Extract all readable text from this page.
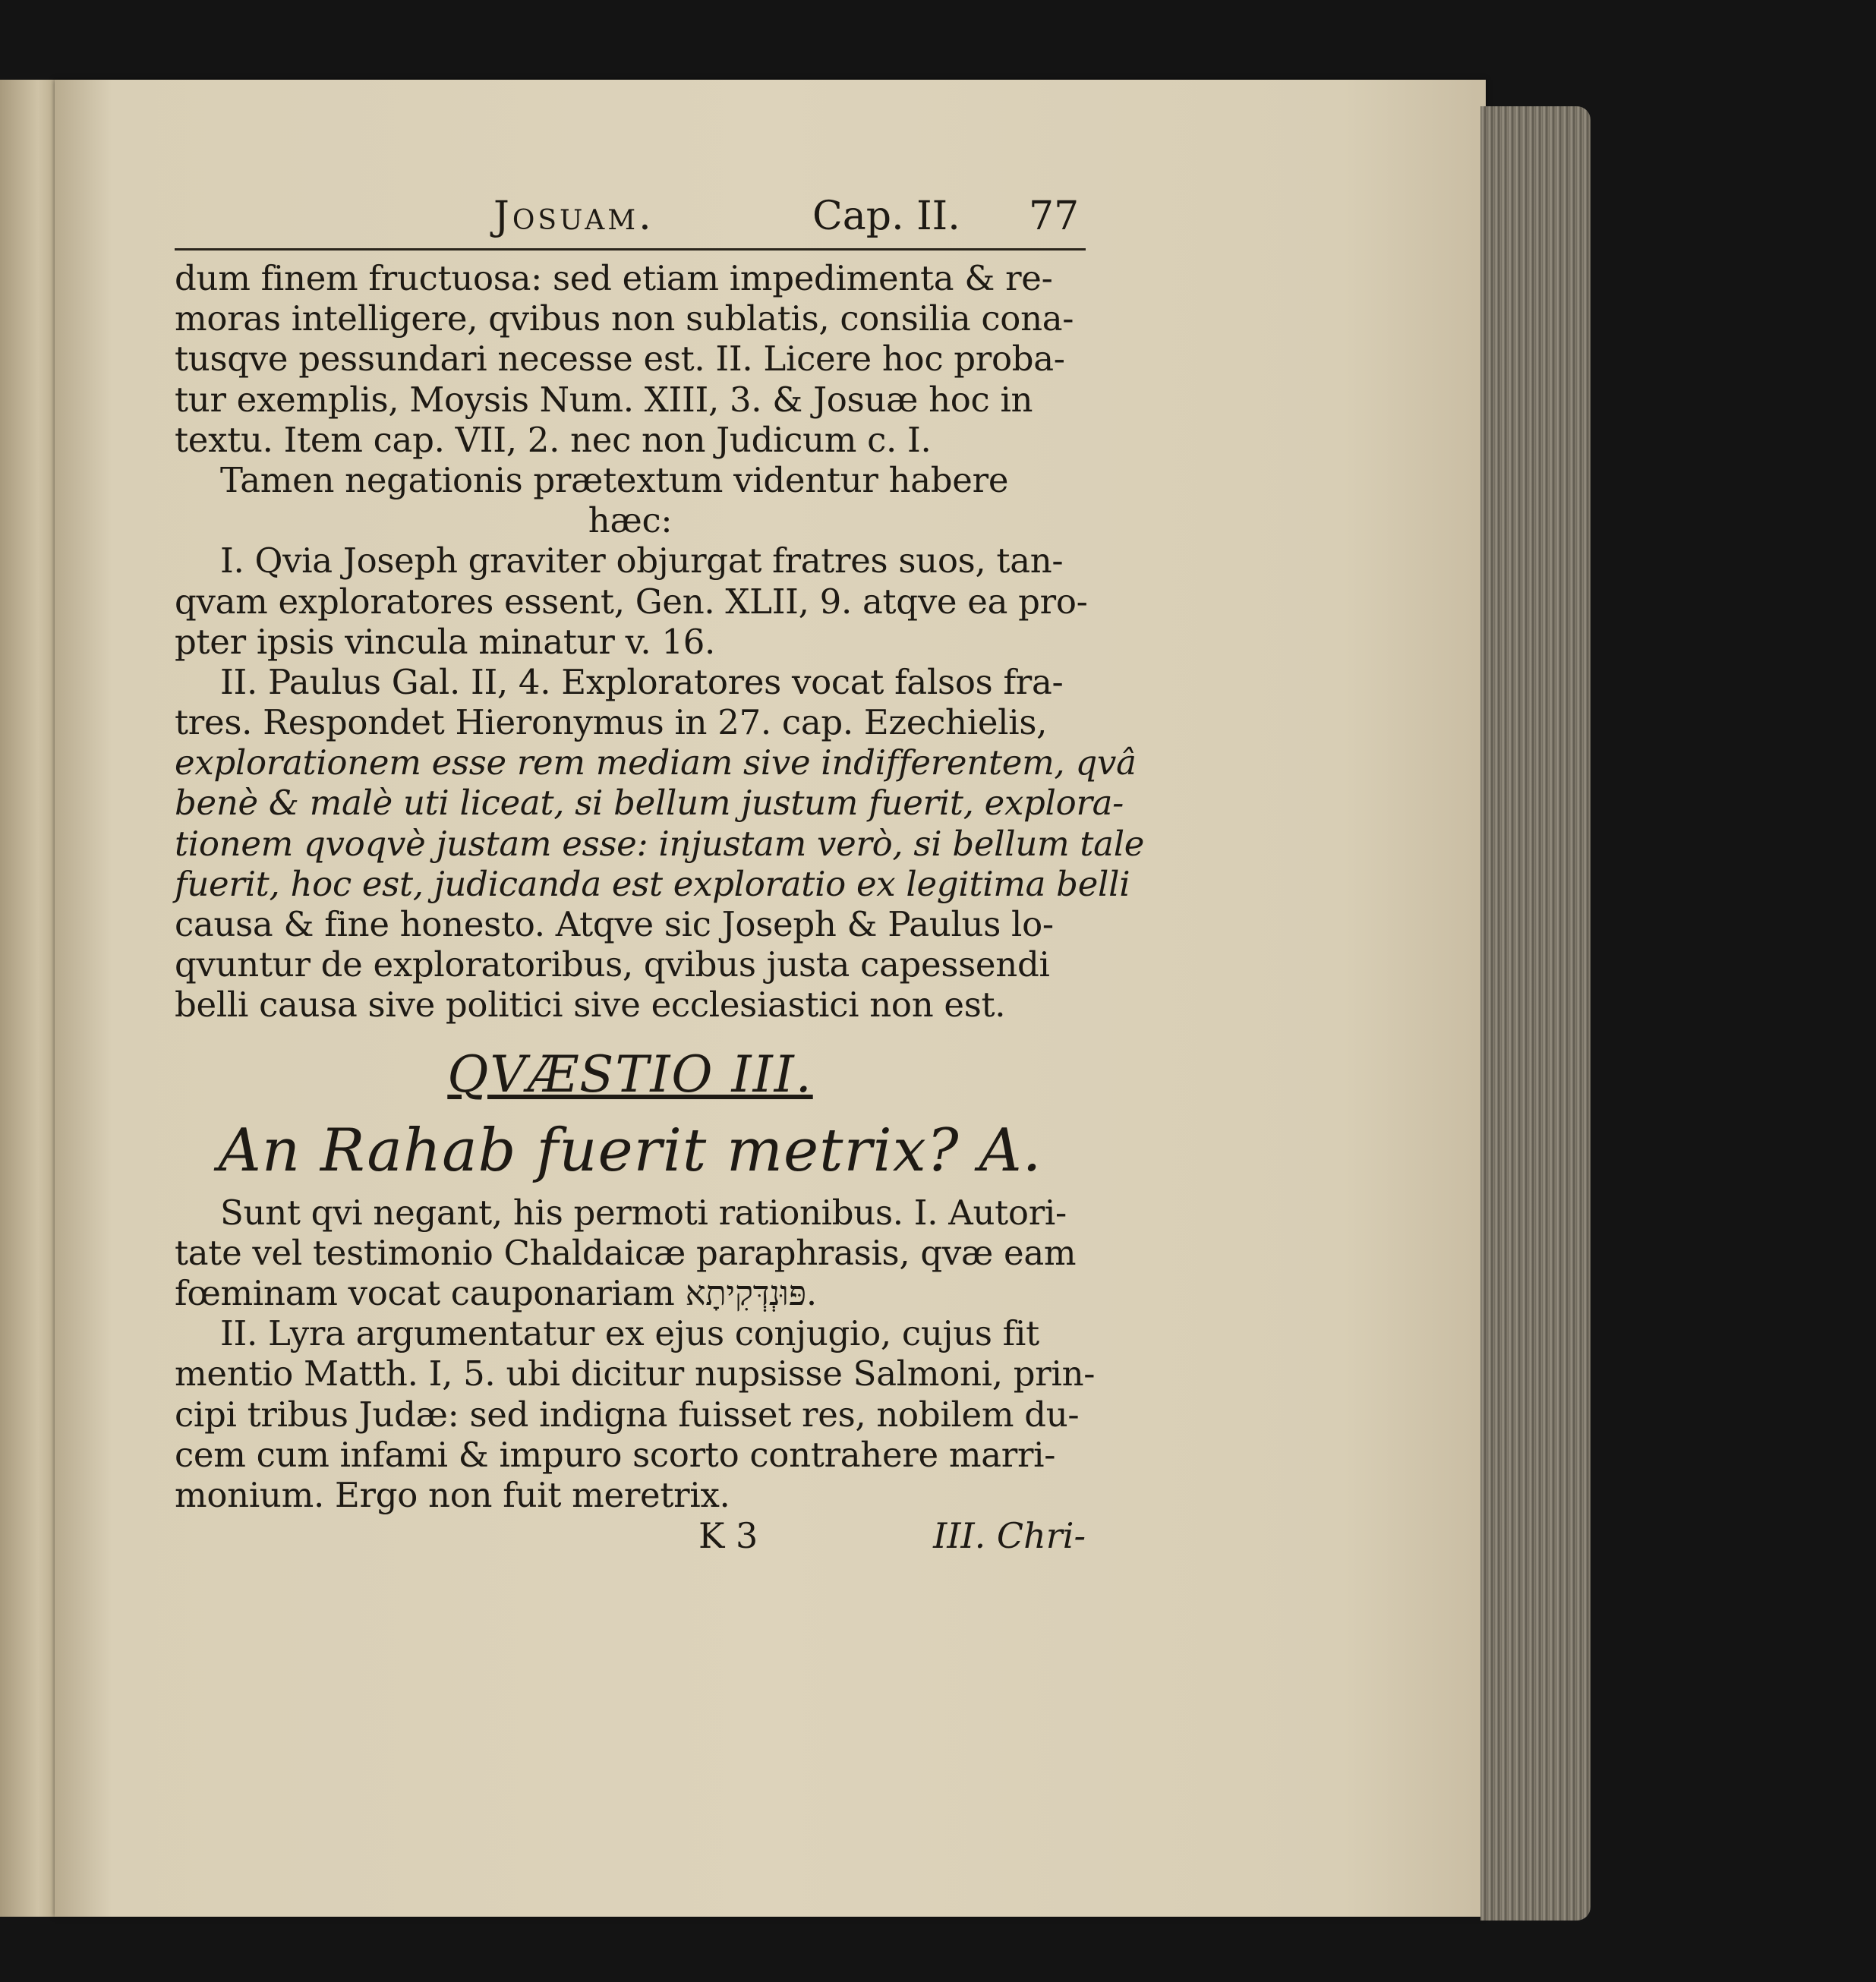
Josuam.	Cap. II. 77
dum finem fructuosa: sed etiam impedimenta & re-
moras intelligere, qvibus non sublatis, consilia cona-
tusqve pessundari necesse est. II. Licere hoc proba-
tur exemplis, Moysis Num. XIII, 3. & Josuæ hoc in
textu. Item cap. VII, 2. nec non Judicum c. I.
Tamen negationis prætextum videntur habere
hæc:
I. Qvia Joseph graviter objurgat fratres suos, tan-
qvam exploratores essent, Gen. XLII, 9. atqve ea pro-
pter ipsis vincula minatur v. 16.
II. Paulus Gal. II, 4. Exploratores vocat falsos fra-
tres. Respondet Hieronymus in 27. cap. Ezechielis,
explorationem esse rem mediam sive indifferentem, qvâ
benè & malè uti liceat, si bellum justum fuerit, explora-
tionem qvoqvè justam esse: injustam verò, si bellum tale
fuerit, hoc est, judicanda est exploratio ex legitima belli
causa & fine honesto. Atqve sic Joseph & Paulus lo-
qvuntur de exploratoribus, qvibus justa capessendi
belli causa sive politici sive ecclesiastici non est.
QVÆSTIO III.
An Rahab fuerit metrix? A.
Sunt qvi negant, his permoti rationibus. I. Autori-
tate vel testimonio Chaldaicæ paraphrasis, qvæ eam
fœminam vocat cauponariam פּוּנְדְּקִיתָא.
II. Lyra argumentatur ex ejus conjugio, cujus fit
mentio Matth. I, 5. ubi dicitur nupsisse Salmoni, prin-
cipi tribus Judæ: sed indigna fuisset res, nobilem du-
cem cum infami & impuro scorto contrahere marri-
monium. Ergo non fuit meretrix.
K 3	III. Chri-
